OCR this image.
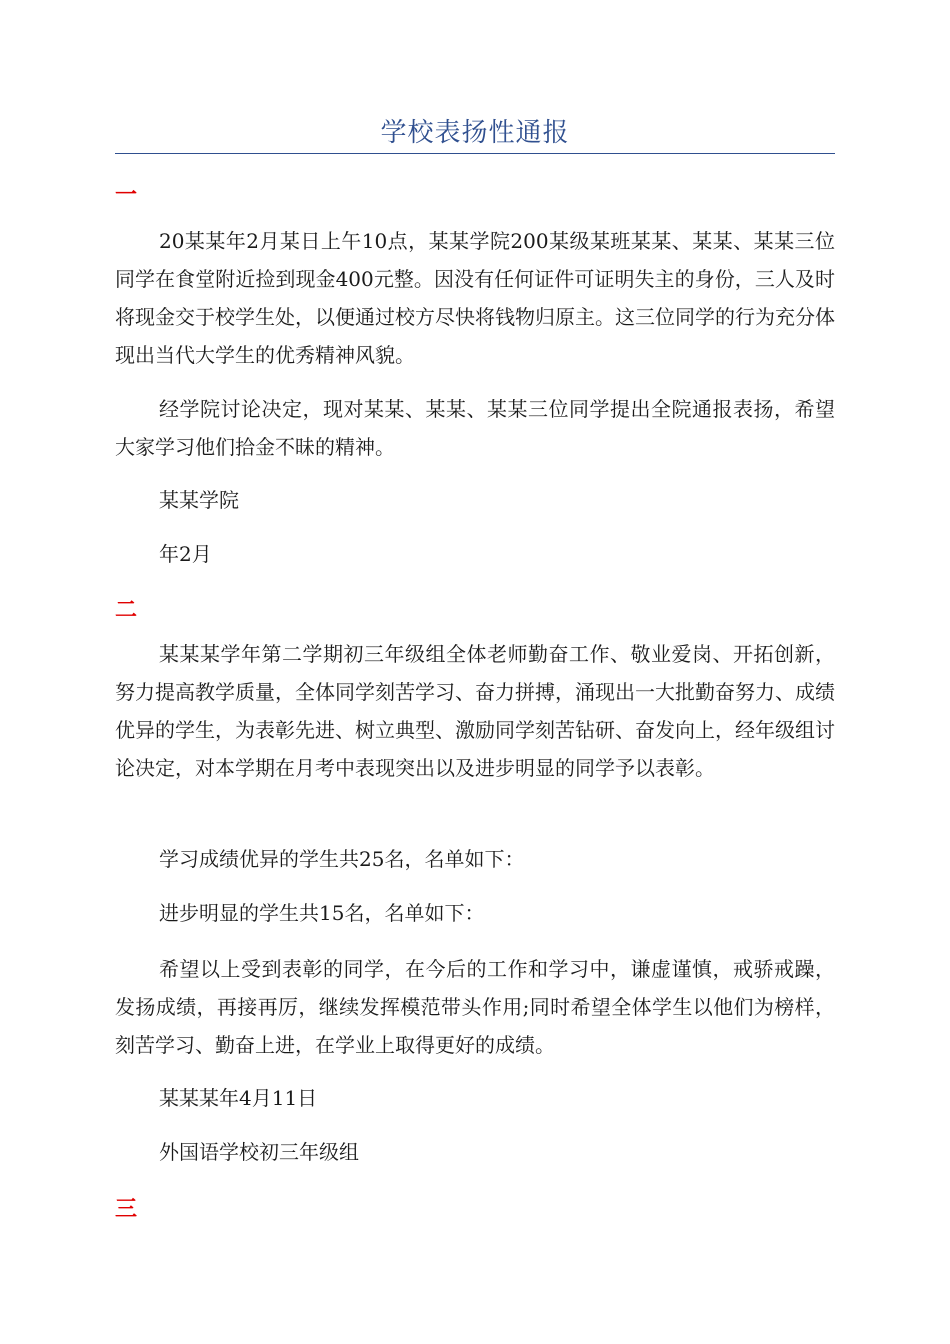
学校表扬性通报
一

20某某年2月某日上午10点，某某学院200某级某班某某、某某、某某三位同学在食堂附近捡到现金400元整。因没有任何证件可证明失主的身份，三人及时将现金交于校学生处，以便通过校方尽快将钱物归原主。这三位同学的行为充分体现出当代大学生的优秀精神风貌。

经学院讨论决定，现对某某、某某、某某三位同学提出全院通报表扬，希望大家学习他们拾金不昧的精神。

某某学院

年2月

二

某某某学年第二学期初三年级组全体老师勤奋工作、敬业爱岗、开拓创新，努力提高教学质量，全体同学刻苦学习、奋力拼搏，涌现出一大批勤奋努力、成绩优异的学生，为表彰先进、树立典型、激励同学刻苦钻研、奋发向上，经年级组讨论决定，对本学期在月考中表现突出以及进步明显的同学予以表彰。

学习成绩优异的学生共25名，名单如下：

进步明显的学生共15名，名单如下：

希望以上受到表彰的同学，在今后的工作和学习中，谦虚谨慎，戒骄戒躁，发扬成绩，再接再厉，继续发挥模范带头作用;同时希望全体学生以他们为榜样，刻苦学习、勤奋上进，在学业上取得更好的成绩。

某某某年4月11日

外国语学校初三年级组

三
